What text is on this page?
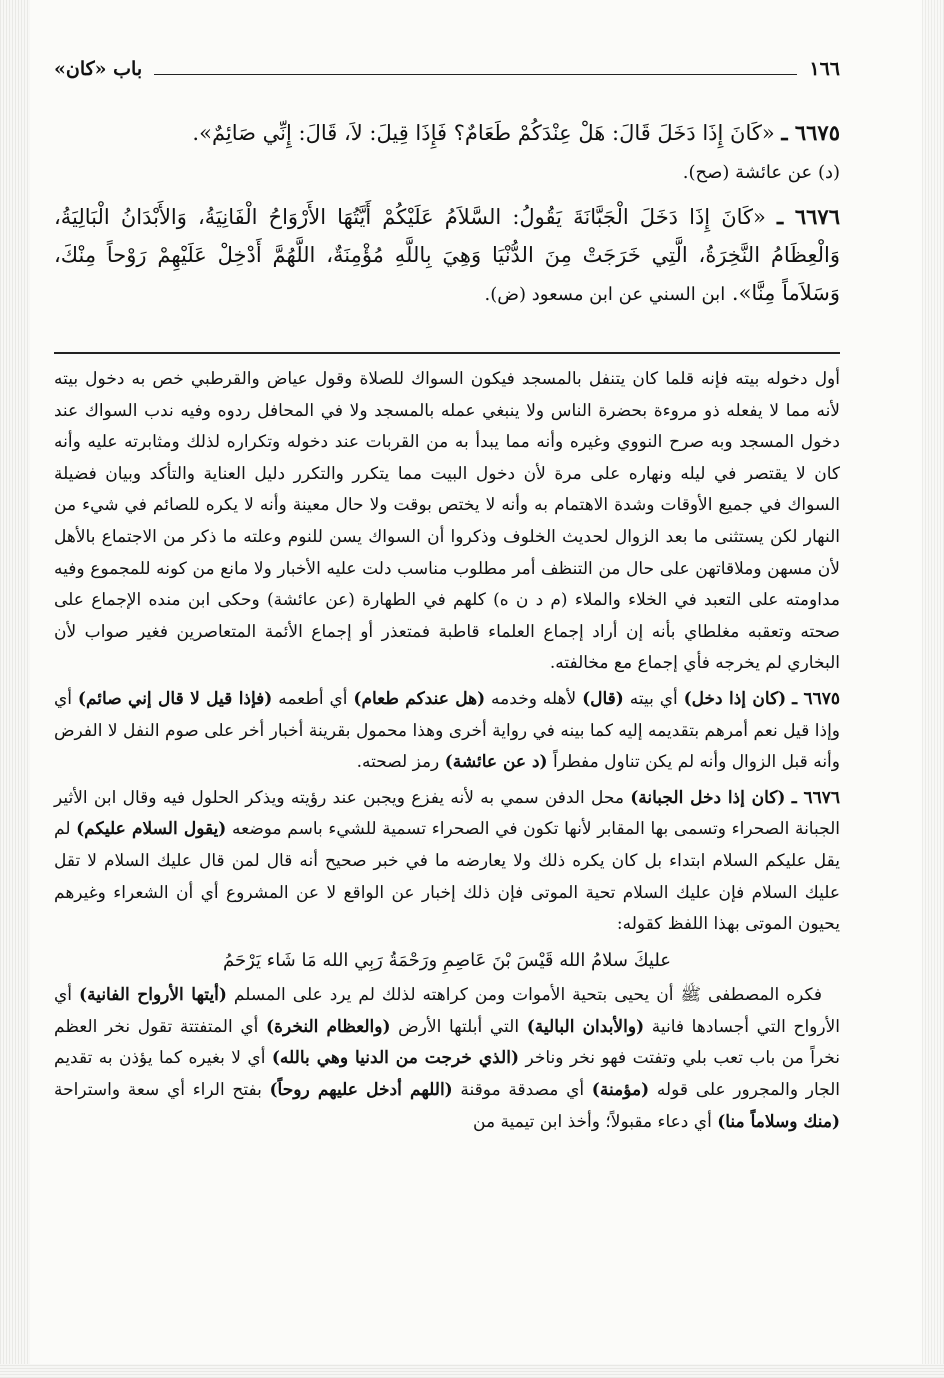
١٦٦
باب «كان»
٦٦٧٥ ـ «كَانَ إِذَا دَخَلَ قَالَ: هَلْ عِنْدَكُمْ طَعَامٌ؟ فَإِذَا قِيلَ: لاَ، قَالَ: إِنِّي صَائِمٌ».
(د) عن عائشة (صح).
٦٦٧٦ ـ «كَانَ إِذَا دَخَلَ الْجَبَّانَةَ يَقُولُ: السَّلاَمُ عَلَيْكُمْ أَيَّتُهَا الأَرْوَاحُ الْفَانِيَةُ، وَالأَبْدَانُ الْبَالِيَةُ، وَالْعِظَامُ النَّخِرَةُ، الَّتِي خَرَجَتْ مِنَ الدُّنْيَا وَهِيَ بِاللَّهِ مُؤْمِنَةٌ، اللَّهُمَّ أَدْخِلْ عَلَيْهِمْ رَوْحاً مِنْكَ، وَسَلاَماً مِنَّا». ابن السني عن ابن مسعود (ض).

أول دخوله بيته فإنه قلما كان يتنفل بالمسجد فيكون السواك للصلاة وقول عياض والقرطبي خص به دخول بيته لأنه مما لا يفعله ذو مروءة بحضرة الناس ولا ينبغي عمله بالمسجد ولا في المحافل ردوه وفيه ندب السواك عند دخول المسجد وبه صرح النووي وغيره وأنه مما يبدأ به من القربات عند دخوله وتكراره لذلك ومثابرته عليه وأنه كان لا يقتصر في ليله ونهاره على مرة لأن دخول البيت مما يتكرر والتكرر دليل العناية والتأكد وبيان فضيلة السواك في جميع الأوقات وشدة الاهتمام به وأنه لا يختص بوقت ولا حال معينة وأنه لا يكره للصائم في شيء من النهار لكن يستثنى ما بعد الزوال لحديث الخلوف وذكروا أن السواك يسن للنوم وعلته ما ذكر من الاجتماع بالأهل لأن مسهن وملاقاتهن على حال من التنظف أمر مطلوب مناسب دلت عليه الأخبار ولا مانع من كونه للمجموع وفيه مداومته على التعبد في الخلاء والملاء (م د ن ه) كلهم في الطهارة (عن عائشة) وحكى ابن منده الإجماع على صحته وتعقبه مغلطاي بأنه إن أراد إجماع العلماء قاطبة فمتعذر أو إجماع الأئمة المتعاصرين فغير صواب لأن البخاري لم يخرجه فأي إجماع مع مخالفته.

٦٦٧٥ ـ (كان إذا دخل) أي بيته (قال) لأهله وخدمه (هل عندكم طعام) أي أطعمه (فإذا قيل لا قال إني صائم) أي وإذا قيل نعم أمرهم بتقديمه إليه كما بينه في رواية أخرى وهذا محمول بقرينة أخبار أخر على صوم النفل لا الفرض وأنه قبل الزوال وأنه لم يكن تناول مفطراً (د عن عائشة) رمز لصحته.

٦٦٧٦ ـ (كان إذا دخل الجبانة) محل الدفن سمي به لأنه يفزع ويجبن عند رؤيته ويذكر الحلول فيه وقال ابن الأثير الجبانة الصحراء وتسمى بها المقابر لأنها تكون في الصحراء تسمية للشيء باسم موضعه (يقول السلام عليكم) لم يقل عليكم السلام ابتداء بل كان يكره ذلك ولا يعارضه ما في خبر صحيح أنه قال لمن قال عليك السلام لا تقل عليك السلام فإن عليك السلام تحية الموتى فإن ذلك إخبار عن الواقع لا عن المشروع أي أن الشعراء وغيرهم يحيون الموتى بهذا اللفظ كقوله:

عليكَ سلامُ الله قَيْسَ بْنَ عَاصِمِ ورَحْمَةُ رَبِي الله مَا شَاء يَرْحَمُ

فكره المصطفى ﷺ أن يحيى بتحية الأموات ومن كراهته لذلك لم يرد على المسلم (أيتها الأرواح الفانية) أي الأرواح التي أجسادها فانية (والأبدان البالية) التي أبلتها الأرض (والعظام النخرة) أي المتفتتة تقول نخر العظم نخراً من باب تعب بلي وتفتت فهو نخر وناخر (الذي خرجت من الدنيا وهي بالله) أي لا بغيره كما يؤذن به تقديم الجار والمجرور على قوله (مؤمنة) أي مصدقة موقنة (اللهم أدخل عليهم روحاً) بفتح الراء أي سعة واستراحة (منك وسلاماً منا) أي دعاء مقبولاً؛ وأخذ ابن تيمية من
